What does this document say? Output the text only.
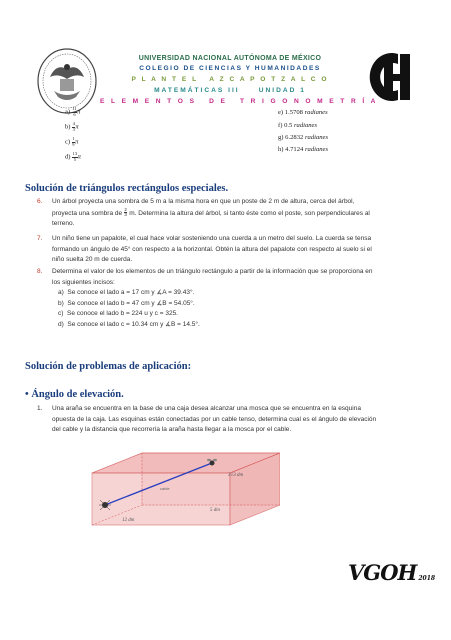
UNIVERSIDAD NACIONAL AUTÓNOMA DE MÉXICO
COLEGIO DE CIENCIAS Y HUMANIDADES
P L A N T E L   A Z C A P O T Z A L C O
MATEMÁTICAS III     UNIDAD 1
E L E M E N T O S   D E   T R I G O N O M E T R Í A
$a) \frac{11}{6}$ π
$b) \frac{4}{3}$ π
$c) \frac{1}{9}$ π
$d) \frac{13}{5}$ π
e) 1.5708 radianes
f) 0.5 radianes
g) 6.2832 radianes
h) 4.7124 radianes
Solución de triángulos rectángulos especiales.
6. Un árbol proyecta una sombra de 5 m a la misma hora en que un poste de 2 m de altura, cerca del árbol,
proyecta una sombra de $\frac{2}{3} m$. Determina la altura del árbol, si tanto éste como el poste, son perpendiculares al
terreno.
7. Un niño tiene un papalote, el cual hace volar sosteniendo una cuerda a un metro del suelo. La cuerda se tensa
formando un ángulo de 45° con respecto a la horizontal. Obtén la altura del papalote con respecto al suelo si el
niño suelta 20 m de cuerda.
8. Determina el valor de los elementos de un triángulo rectángulo a partir de la información que se proporciona en
los siguientes incisos:
a) Se conoce el lado a = 17 cm y ∡A = 39.43°.
b) Se conoce el lado b = 47 cm y ∡B = 54.05°.
c) Se conoce el lado b = 224 u y c = 325.
d) Se conoce el lado c = 10.34 cm y ∡B = 14.5°.
Solución de problemas de aplicación:
• Ángulo de elevación.
1. Una araña se encuentra en la base de una caja desea alcanzar una mosca que se encuentra en la esquina
opuesta de la caja. Las esquinas están conectadas por un cable tenso, determina cual es el ángulo de elevación
del cable y la distancia que recorrería la araña hasta llegar a la mosca por el cable.
cable
3√3 dm
5 dm
12 dm
VGOH 2018
